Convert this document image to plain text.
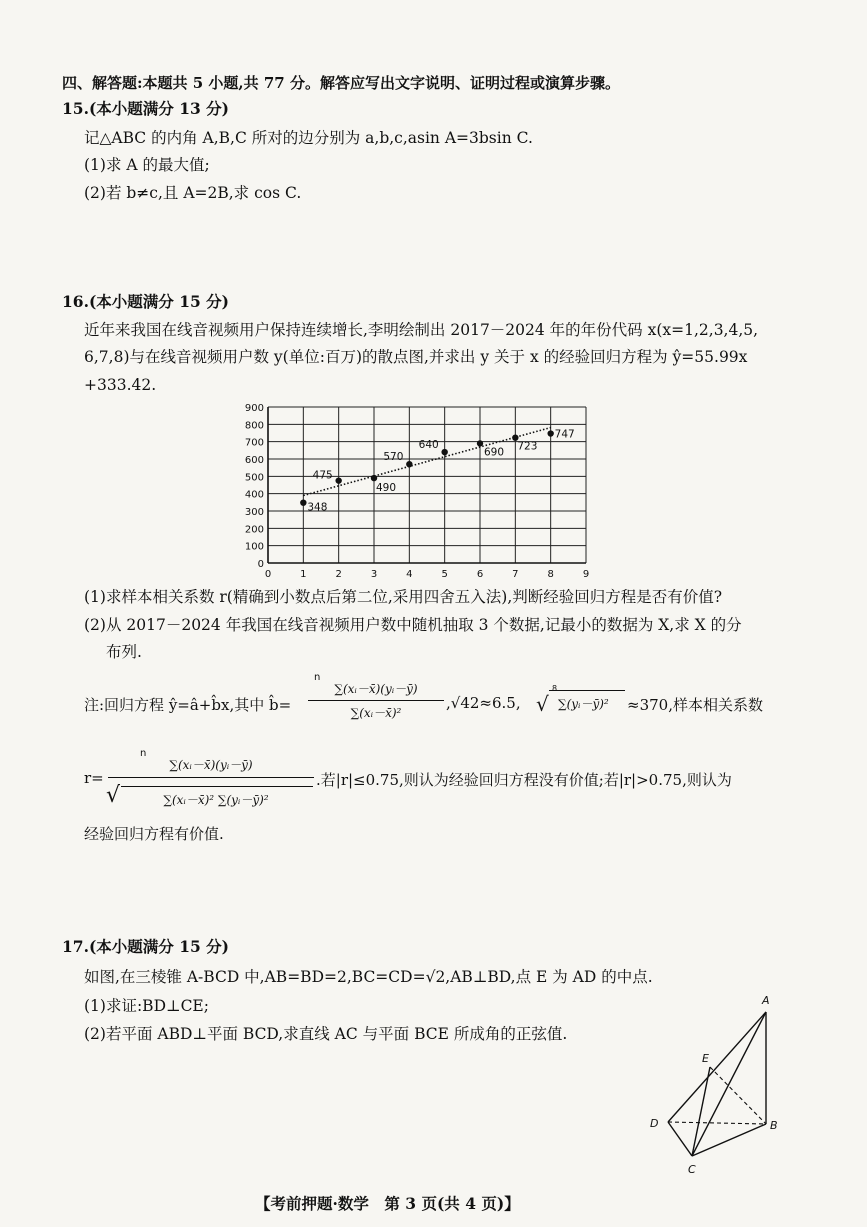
四、解答题:本题共 5 小题,共 77 分。解答应写出文字说明、证明过程或演算步骤。
15.(本小题满分 13 分)
记△ABC 的内角 A,B,C 所对的边分别为 a,b,c,asin A=3bsin C.
(1)求 A 的最大值;
(2)若 b≠c,且 A=2B,求 cos C.
16.(本小题满分 15 分)
近年来我国在线音视频用户保持连续增长,李明绘制出 2017－2024 年的年份代码 x(x=1,2,3,4,5,
6,7,8)与在线音视频用户数 y(单位:百万)的散点图,并求出 y 关于 x 的经验回归方程为 ŷ=55.99x
+333.42.
0
100
200
300
400
500
600
700
800
900
0	1	2	3	4	5	6	7	8	9
348
475
490
570
640
690 723
747
(1)求样本相关系数 r(精确到小数点后第二位,采用四舍五入法),判断经验回归方程是否有价值?
(2)从 2017－2024 年我国在线音视频用户数中随机抽取 3 个数据,记最小的数据为 X,求 X 的分
布列.
注:回归方程 ŷ=â+b̂x,其中 b̂=
n
∑(xᵢ－x̄)(yᵢ－ȳ)
∑(xᵢ－x̄)²
,√42≈6.5, √
8
∑(yᵢ－ȳ)² ≈370,样本相关系数
r=
n
∑(xᵢ－x̄)(yᵢ－ȳ)
√	∑(xᵢ－x̄)² ∑(yᵢ－ȳ)²
.若|r|≤0.75,则认为经验回归方程没有价值;若|r|>0.75,则认为
经验回归方程有价值.
17.(本小题满分 15 分)
如图,在三棱锥 A-BCD 中,AB=BD=2,BC=CD=√2,AB⊥BD,点 E 为 AD 的中点.
(1)求证:BD⊥CE;
(2)若平面 ABD⊥平面 BCD,求直线 AC 与平面 BCE 所成角的正弦值.
A
E
D	B
C
【考前押题·数学　第 3 页(共 4 页)】
